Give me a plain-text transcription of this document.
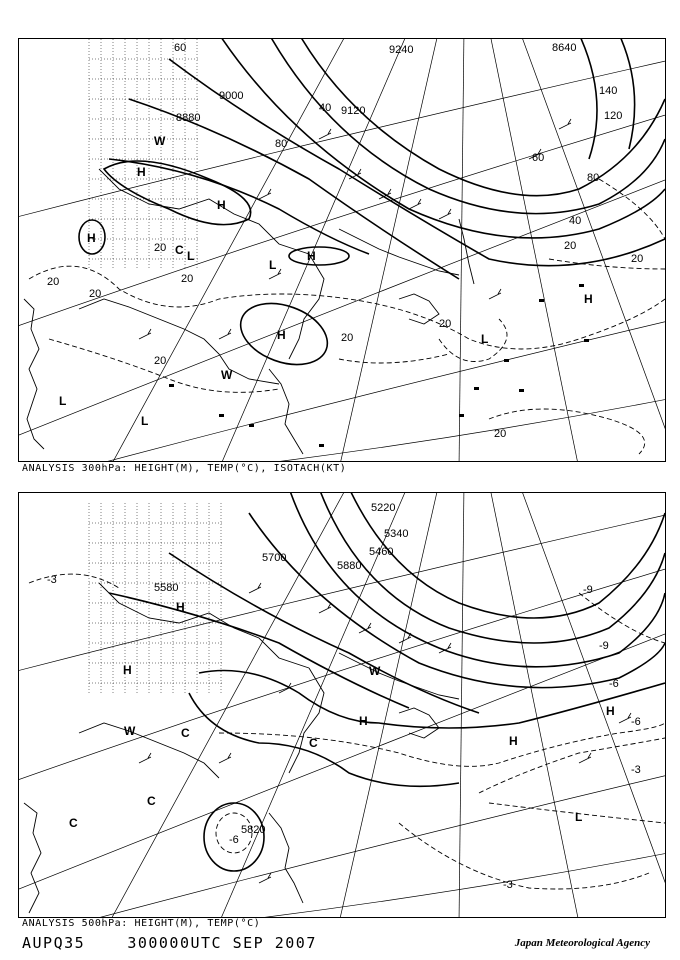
9240
9120
8640
9000
8880
60
80
40
20
20
20
20
20
20
20
20
40
60
80
20
120
140
20
H
H
H
H
H
H
L
L
L
W
W
C L
L
ANALYSIS 300hPa: HEIGHT(M), TEMP(°C), ISOTACH(KT)
5700
5880
5340
5820
5220
5460
5580
-3
-9
-6
-3
-6
-9
-3
-6
H
H
H
H
H
W
C
C
C
C
L
W
ANALYSIS 500hPa: HEIGHT(M), TEMP(°C)
AUPQ35	300000UTC SEP 2007	Japan Meteorological Agency
